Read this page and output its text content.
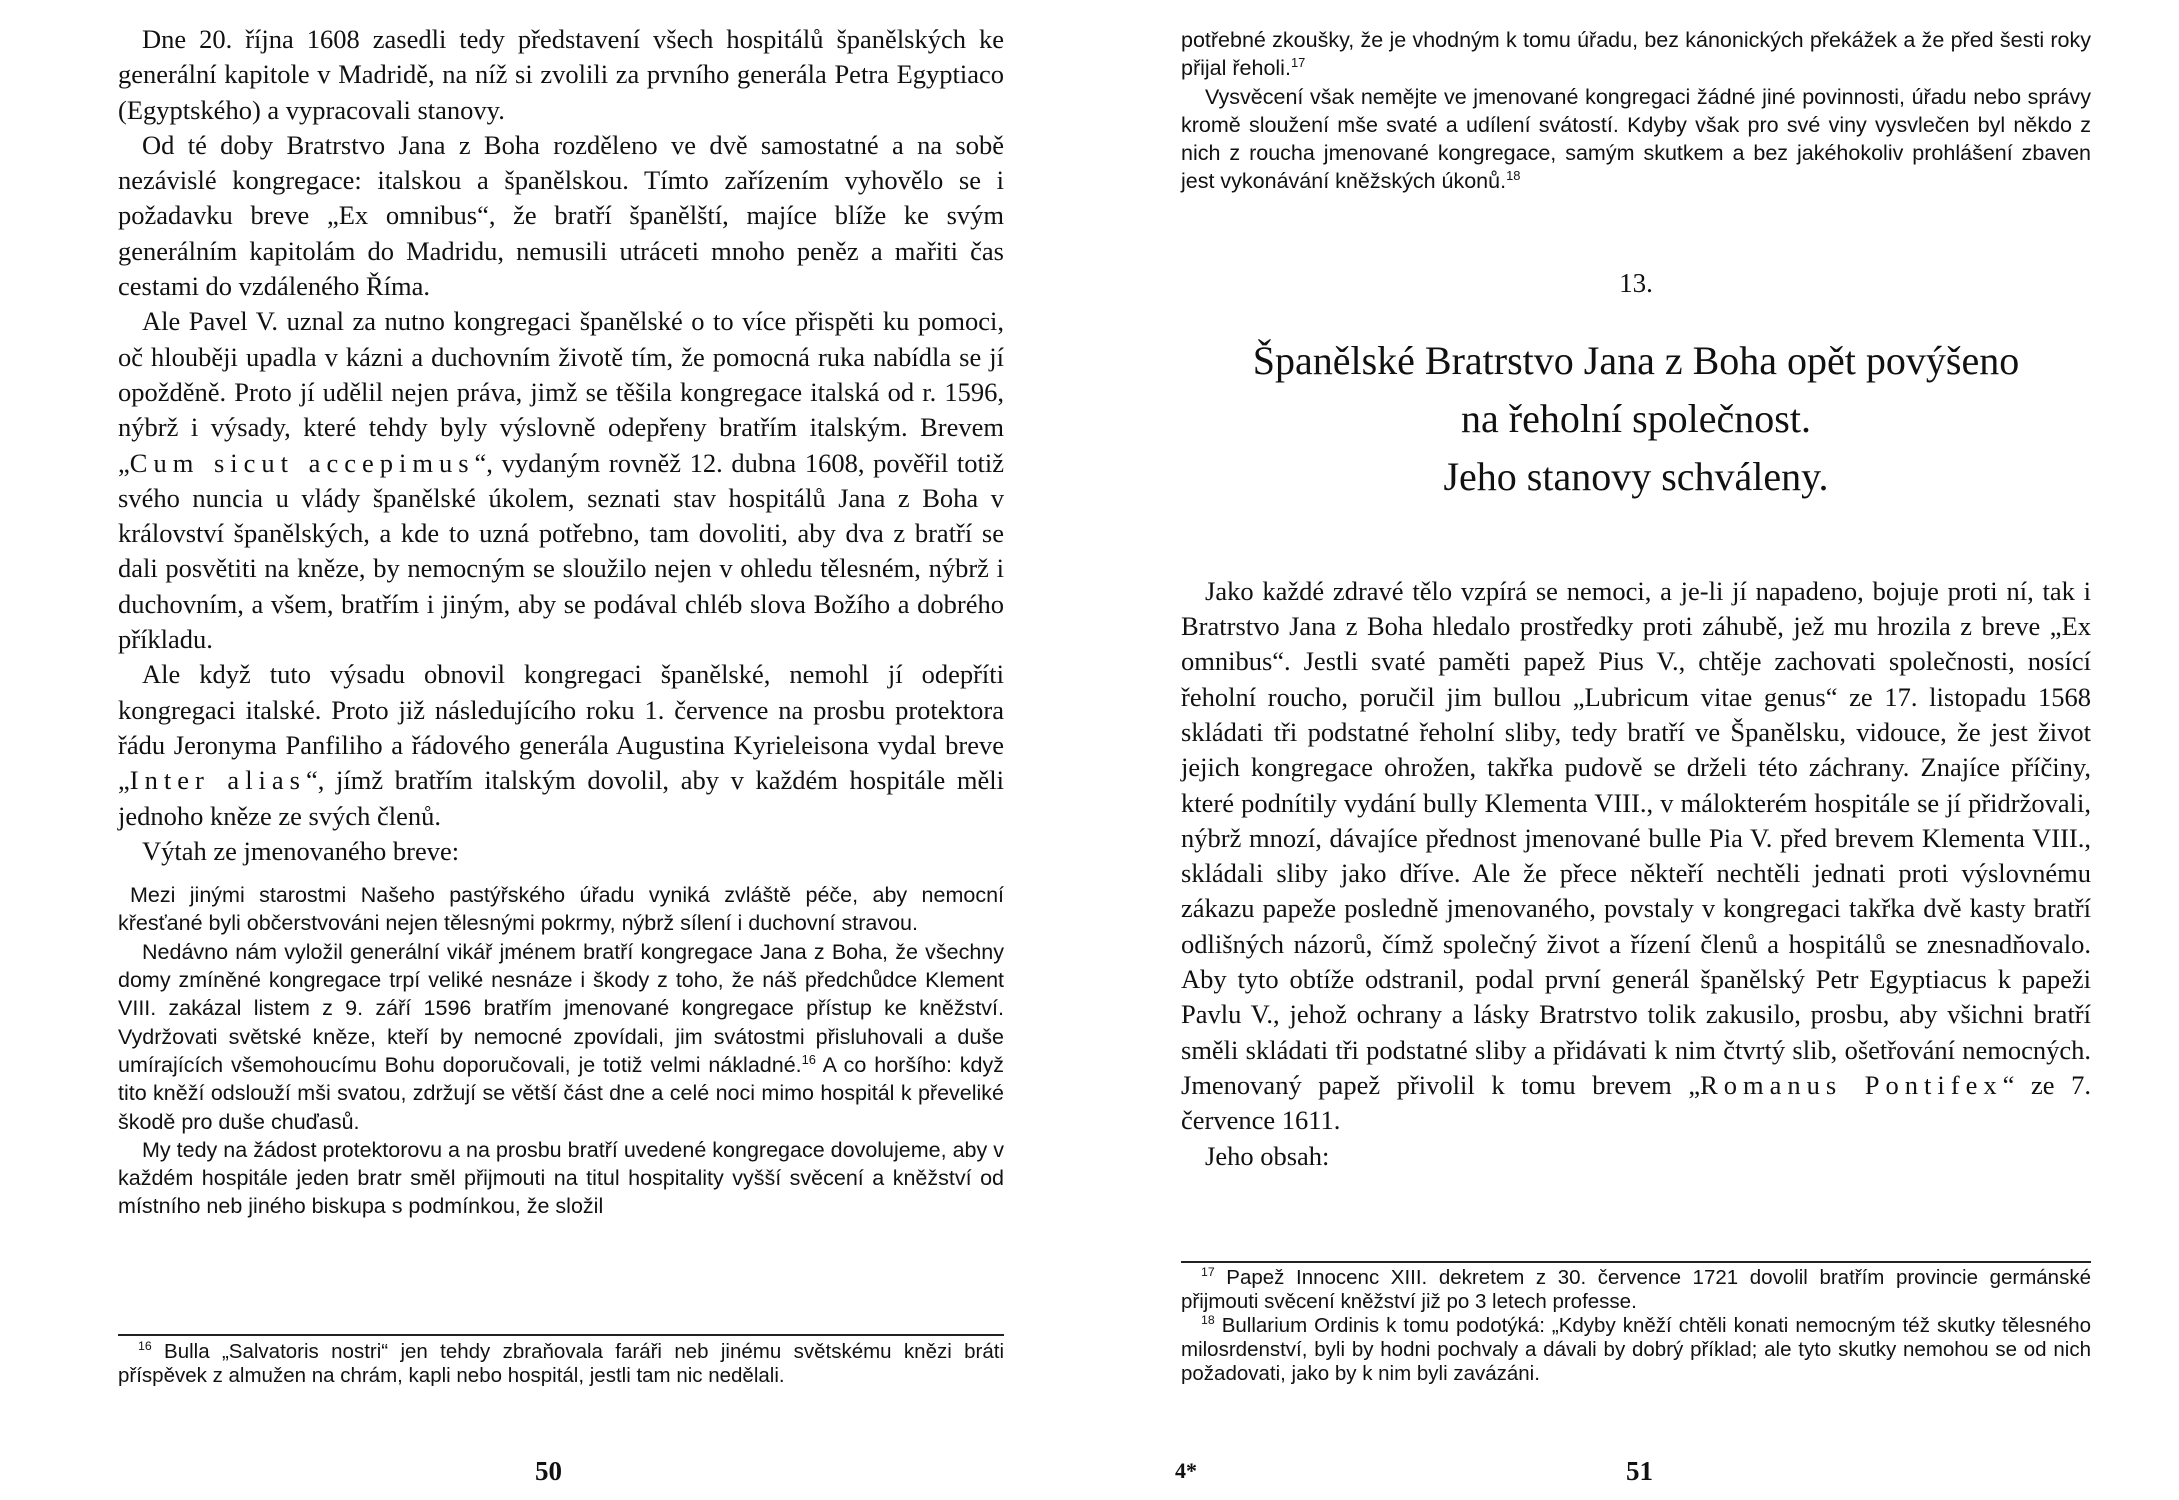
Dne 20. října 1608 zasedli tedy představení všech hospitálů španělských ke generální kapitole v Madridě, na níž si zvolili za prvního generála Petra Egyptiaco (Egyptského) a vypracovali stanovy.

Od té doby Bratrstvo Jana z Boha rozděleno ve dvě samostatné a na sobě nezávislé kongregace: italskou a španělskou. Tímto zařízením vyhovělo se i požadavku breve „Ex omnibus“, že bratří španělští, majíce blíže ke svým generálním kapitolám do Madridu, nemusili utráceti mnoho peněz a mařiti čas cestami do vzdáleného Říma.

Ale Pavel V. uznal za nutno kongregaci španělské o to více přispěti ku pomoci, oč hlouběji upadla v kázni a duchovním životě tím, že pomocná ruka nabídla se jí opožděně. Proto jí udělil nejen práva, jimž se těšila kongregace italská od r. 1596, nýbrž i výsady, které tehdy byly výslovně odepřeny bratřím italským. Brevem „Cum sicut accepimus“, vydaným rovněž 12. dubna 1608, pověřil totiž svého nuncia u vlády španělské úkolem, seznati stav hospitálů Jana z Boha v království španělských, a kde to uzná potřebno, tam dovoliti, aby dva z bratří se dali posvětiti na kněze, by nemocným se sloužilo nejen v ohledu tělesném, nýbrž i duchovním, a všem, bratřím i jiným, aby se podával chléb slova Božího a dobrého příkladu.

Ale když tuto výsadu obnovil kongregaci španělské, nemohl jí odepříti kongregaci italské. Proto již následujícího roku 1. července na prosbu protektora řádu Jeronyma Panfiliho a řádového generála Augustina Kyrieleisona vydal breve „Inter alias“, jímž bratřím italským dovolil, aby v každém hospitále měli jednoho kněze ze svých členů.

Výtah ze jmenovaného breve:

Mezi jinými starostmi Našeho pastýřského úřadu vyniká zvláště péče, aby nemocní křesťané byli občerstvováni nejen tělesnými pokrmy, nýbrž sílení i duchovní stravou.

Nedávno nám vyložil generální vikář jménem bratří kongregace Jana z Boha, že všechny domy zmíněné kongregace trpí veliké nesnáze i škody z toho, že náš předchůdce Klement VIII. zakázal listem z 9. září 1596 bratřím jmenované kongregace přístup ke kněžství. Vydržovati světské kněze, kteří by nemocné zpovídali, jim svátostmi přisluhovali a duše umírajících všemohoucímu Bohu doporučovali, je totiž velmi nákladné.$^{16}$ A co horšího: když tito kněží odslouží mši svatou, zdržují se větší část dne a celé noci mimo hospitál k převeliké škodě pro duše chuďasů.

My tedy na žádost protektorovu a na prosbu bratří uvedené kongregace dovolujeme, aby v každém hospitále jeden bratr směl přijmouti na titul hospitality vyšší svěcení a kněžství od místního neb jiného biskupa s podmínkou, že složil

$^{16}$ Bulla „Salvatoris nostri“ jen tehdy zbraňovala faráři neb jinému světskému knězi bráti příspěvek z almužen na chrám, kapli nebo hospitál, jestli tam nic nedělali.

50

potřebné zkoušky, že je vhodným k tomu úřadu, bez kánonických překážek a že před šesti roky přijal řeholi.$^{17}$

Vysvěcení však nemějte ve jmenované kongregaci žádné jiné povinnosti, úřadu nebo správy kromě sloužení mše svaté a udílení svátostí. Kdyby však pro své viny vysvlečen byl někdo z nich z roucha jmenované kongregace, samým skutkem a bez jakéhokoliv prohlášení zbaven jest vykonávání kněžských úkonů.$^{18}$

13.
Španělské Bratrstvo Jana z Boha opět povýšeno
na řeholní společnost.
Jeho stanovy schváleny.

Jako každé zdravé tělo vzpírá se nemoci, a je-li jí napadeno, bojuje proti ní, tak i Bratrstvo Jana z Boha hledalo prostředky proti záhubě, jež mu hrozila z breve „Ex omnibus“. Jestli svaté paměti papež Pius V., chtěje zachovati společnosti, nosící řeholní roucho, poručil jim bullou „Lubricum vitae genus“ ze 17. listopadu 1568 skládati tři podstatné řeholní sliby, tedy bratří ve Španělsku, vidouce, že jest život jejich kongregace ohrožen, takřka pudově se drželi této záchrany. Znajíce příčiny, které podnítily vydání bully Klementa VIII., v málokterém hospitále se jí přidržovali, nýbrž mnozí, dávajíce přednost jmenované bulle Pia V. před brevem Klementa VIII., skládali sliby jako dříve. Ale že přece někteří nechtěli jednati proti výslovnému zákazu papeže posledně jmenovaného, povstaly v kongregaci takřka dvě kasty bratří odlišných názorů, čímž společný život a řízení členů a hospitálů se znesnadňovalo. Aby tyto obtíže odstranil, podal první generál španělský Petr Egyptiacus k papeži Pavlu V., jehož ochrany a lásky Bratrstvo tolik zakusilo, prosbu, aby všichni bratří směli skládati tři podstatné sliby a přidávati k nim čtvrtý slib, ošetřování nemocných. Jmenovaný papež přivolil k tomu brevem „Romanus Pontifex“ ze 7. července 1611.

Jeho obsah:

$^{17}$ Papež Innocenc XIII. dekretem z 30. července 1721 dovolil bratřím provincie germánské přijmouti svěcení kněžství již po 3 letech professe.

$^{18}$ Bullarium Ordinis k tomu podotýká: „Kdyby kněží chtěli konati nemocným též skutky tělesného milosrdenství, byli by hodni pochvaly a dávali by dobrý příklad; ale tyto skutky nemohou se od nich požadovati, jako by k nim byli zavázáni.

4*	51
